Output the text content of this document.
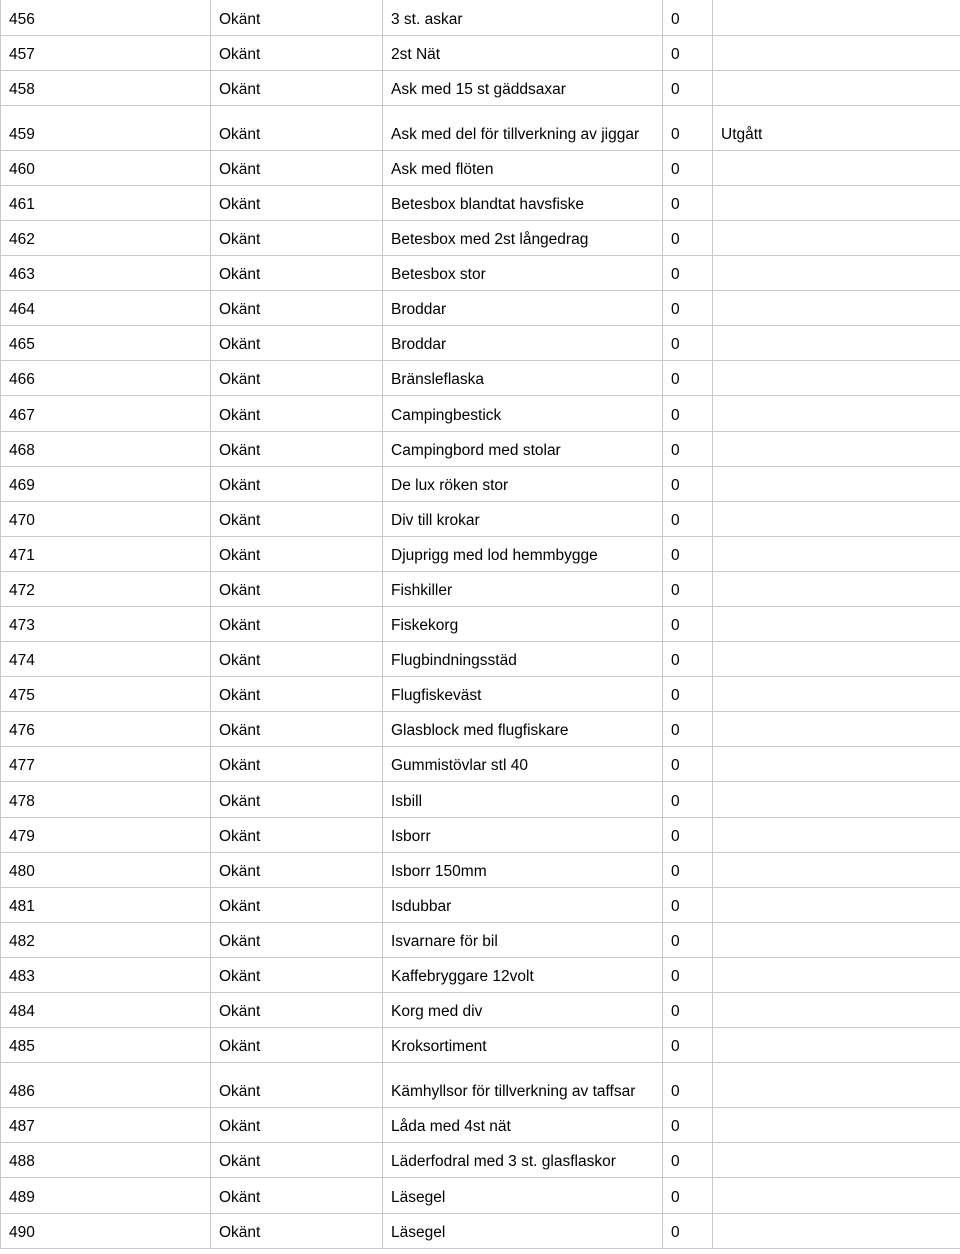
456	Okänt	3 st. askar	0	
457	Okänt	2st Nät	0	
458	Okänt	Ask med 15 st gäddsaxar	0	
459	Okänt	Ask med del för tillverkning av jiggar	0	Utgått
460	Okänt	Ask med flöten	0	
461	Okänt	Betesbox blandtat havsfiske	0	
462	Okänt	Betesbox med 2st långedrag	0	
463	Okänt	Betesbox stor	0	
464	Okänt	Broddar	0	
465	Okänt	Broddar	0	
466	Okänt	Bränsleflaska	0	
467	Okänt	Campingbestick	0	
468	Okänt	Campingbord med stolar	0	
469	Okänt	De lux röken stor	0	
470	Okänt	Div till krokar	0	
471	Okänt	Djuprigg med lod hemmbygge	0	
472	Okänt	Fishkiller	0	
473	Okänt	Fiskekorg	0	
474	Okänt	Flugbindningsstäd	0	
475	Okänt	Flugfiskeväst	0	
476	Okänt	Glasblock med flugfiskare	0	
477	Okänt	Gummistövlar stl 40	0	
478	Okänt	Isbill	0	
479	Okänt	Isborr	0	
480	Okänt	Isborr 150mm	0	
481	Okänt	Isdubbar	0	
482	Okänt	Isvarnare för bil	0	
483	Okänt	Kaffebryggare 12volt	0	
484	Okänt	Korg med div	0	
485	Okänt	Kroksortiment	0	
486	Okänt	Kämhyllsor för tillverkning av taffsar	0	
487	Okänt	Låda med 4st nät	0	
488	Okänt	Läderfodral med 3 st. glasflaskor	0	
489	Okänt	Läsegel	0	
490	Okänt	Läsegel	0	
